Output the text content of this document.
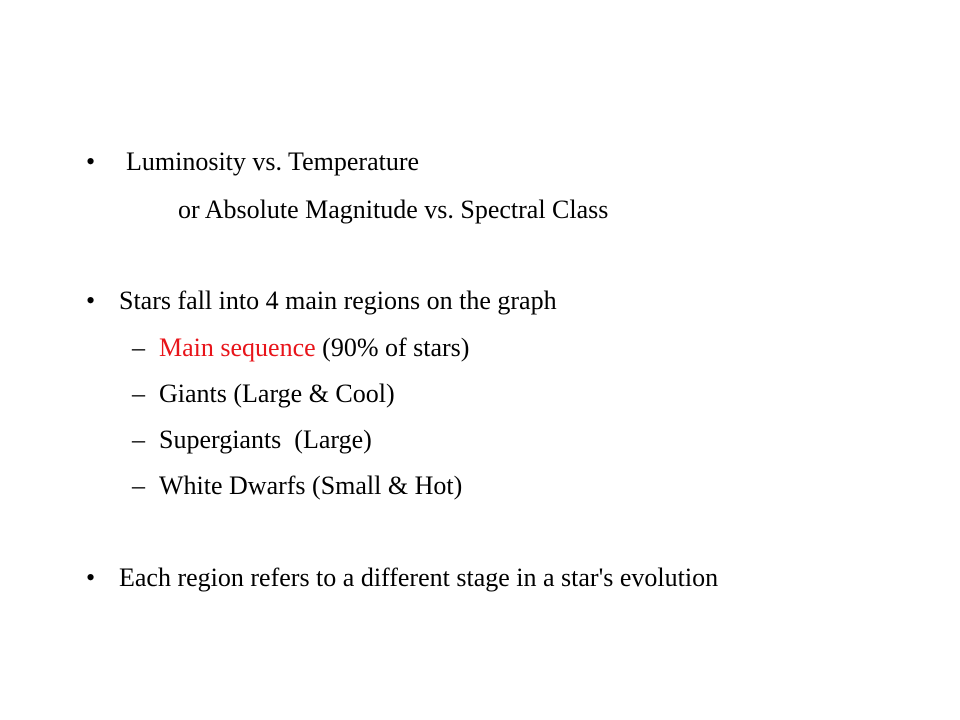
• Luminosity vs. Temperature
or Absolute Magnitude vs. Spectral Class
• Stars fall into 4 main regions on the graph
– Main sequence (90% of stars)
– Giants (Large & Cool)
– Supergiants  (Large)
– White Dwarfs (Small & Hot)
• Each region refers to a different stage in a star's evolution
